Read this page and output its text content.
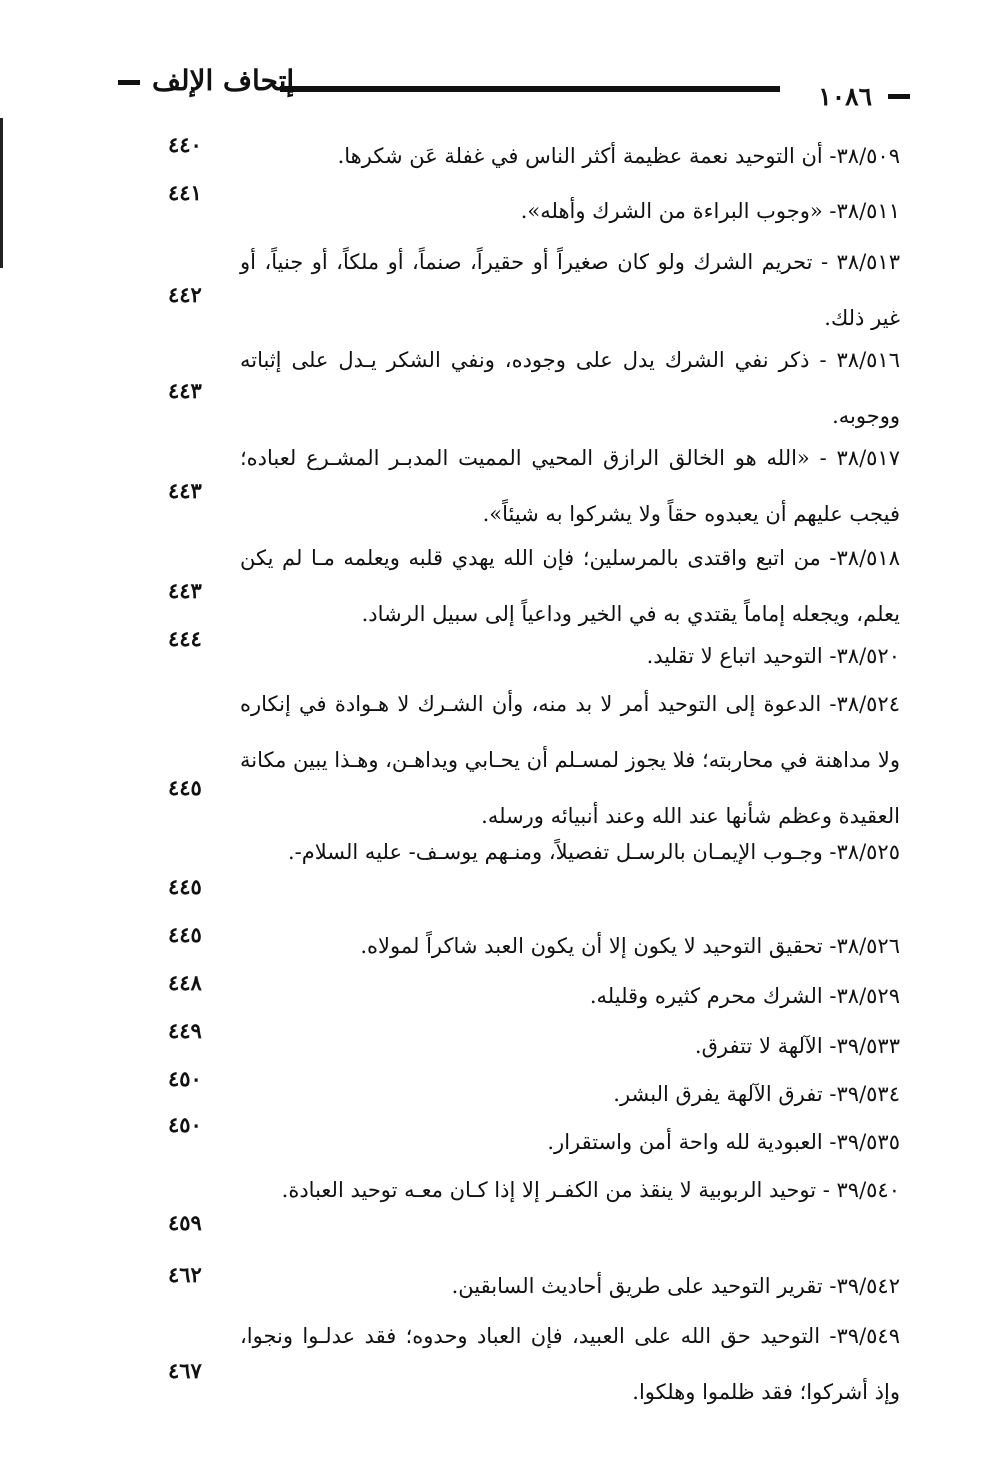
١٠٨٦
إتحاف الإلف
٣٨/٥٠٩- أن التوحيد نعمة عظيمة أكثر الناس في غفلة عَن شكرها.
٤٤٠
٣٨/٥١١- «وجوب البراءة من الشرك وأهله».
٤٤١
٣٨/٥١٣ - تحريم الشرك ولو كان صغيراً أو حقيراً، صنماً، أو ملكاً، أو جنياً، أو غير ذلك.
٤٤٢
٣٨/٥١٦ - ذكر نفي الشرك يدل على وجوده، ونفي الشكر يـدل على إثباته ووجوبه.
٤٤٣
٣٨/٥١٧ - «الله هو الخالق الرازق المحيي المميت المدبـر المشـرع لعباده؛ فيجب عليهم أن يعبدوه حقاً ولا يشركوا به شيئاً».
٤٤٣
٣٨/٥١٨- من اتبع واقتدى بالمرسلين؛ فإن الله يهدي قلبه ويعلمه مـا لم يكن يعلم، ويجعله إماماً يقتدي به في الخير وداعياً إلى سبيل الرشاد.
٤٤٣
٣٨/٥٢٠- التوحيد اتباع لا تقليد.
٤٤٤
٣٨/٥٢٤- الدعوة إلى التوحيد أمر لا بد منه، وأن الشـرك لا هـوادة في إنكاره ولا مداهنة في محاربته؛ فلا يجوز لمسـلم أن يحـابي ويداهـن، وهـذا يبين مكانة العقيدة وعظم شأنها عند الله وعند أنبيائه ورسله.
٤٤٥
٣٨/٥٢٥- وجـوب الإيمـان بالرسـل تفصيلاً، ومنـهم يوسـف- عليه السلام-.
٤٤٥
٣٨/٥٢٦- تحقيق التوحيد لا يكون إلا أن يكون العبد شاكراً لمولاه.
٤٤٥
٣٨/٥٢٩- الشرك محرم كثيره وقليله.
٤٤٨
٣٩/٥٣٣- الآلهة لا تتفرق.
٤٤٩
٣٩/٥٣٤- تفرق الآلهة يفرق البشر.
٤٥٠
٣٩/٥٣٥- العبودية لله واحة أمن واستقرار.
٤٥٠
٣٩/٥٤٠ - توحيد الربوبية لا ينقذ من الكفـر إلا إذا كـان معـه توحيد العبادة.
٤٥٩
٣٩/٥٤٢- تقرير التوحيد على طريق أحاديث السابقين.
٤٦٢
٣٩/٥٤٩- التوحيد حق الله على العبيد، فإن العباد وحدوه؛ فقد عدلـوا ونجوا، وإذ أشركوا؛ فقد ظلموا وهلكوا.
٤٦٧
